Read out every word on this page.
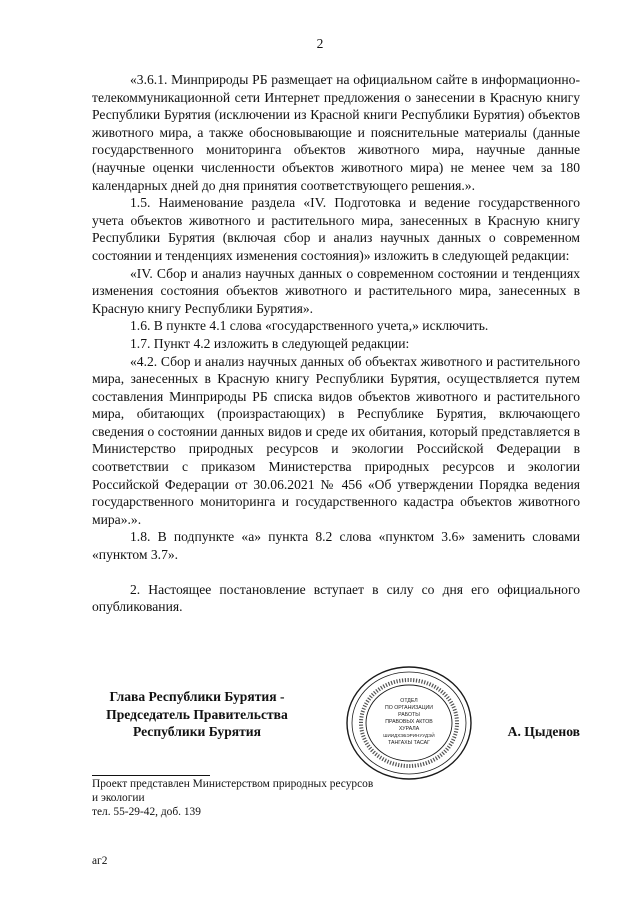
2

«3.6.1. Минприроды РБ размещает на официальном сайте в информационно-телекоммуникационной сети Интернет предложения о занесении в Красную книгу Республики Бурятия (исключении из Красной книги Республики Бурятия) объектов животного мира, а также обосновывающие и пояснительные материалы (данные государственного мониторинга объектов животного мира, научные данные (научные оценки численности объектов животного мира) не менее чем за 180 календарных дней до дня принятия соответствующего решения.».

1.5. Наименование раздела «IV. Подготовка и ведение государственного учета объектов животного и растительного мира, занесенных в Красную книгу Республики Бурятия (включая сбор и анализ научных данных о современном состоянии и тенденциях изменения состояния)» изложить в следующей редакции:

«IV. Сбор и анализ научных данных о современном состоянии и тенденциях изменения состояния объектов животного и растительного мира, занесенных в Красную книгу Республики Бурятия».

1.6. В пункте 4.1 слова «государственного учета,» исключить.

1.7. Пункт 4.2 изложить в следующей редакции:

«4.2. Сбор и анализ научных данных об объектах животного и растительного мира, занесенных в Красную книгу Республики Бурятия, осуществляется путем составления Минприроды РБ списка видов объектов животного и растительного мира, обитающих (произрастающих) в Республике Бурятия, включающего сведения о состоянии данных видов и среде их обитания, который представляется в Министерство природных ресурсов и экологии Российской Федерации в соответствии с приказом Министерства природных ресурсов и экологии Российской Федерации от 30.06.2021 № 456 «Об утверждении Порядка ведения государственного мониторинга и государственного кадастра объектов животного мира».».

1.8. В подпункте «а» пункта 8.2 слова «пунктом 3.6» заменить словами «пунктом 3.7».

2. Настоящее постановление вступает в силу со дня его официального опубликования.

Глава Республики Бурятия -
Председатель Правительства
Республики Бурятия
ОТДЕЛ
ПО ОРГАНИЗАЦИИ
РАБОТЫ
ПРАВОВЫХ АКТОВ
ХУРАЛА
ШИИДХЭБЭРИНУУДЭЙ
ТАНГАХЫ ТАСАГ
А. Цыденов
Проект представлен Министерством природных ресурсов
и экологии
тел. 55-29-42, доб. 139
аг2
